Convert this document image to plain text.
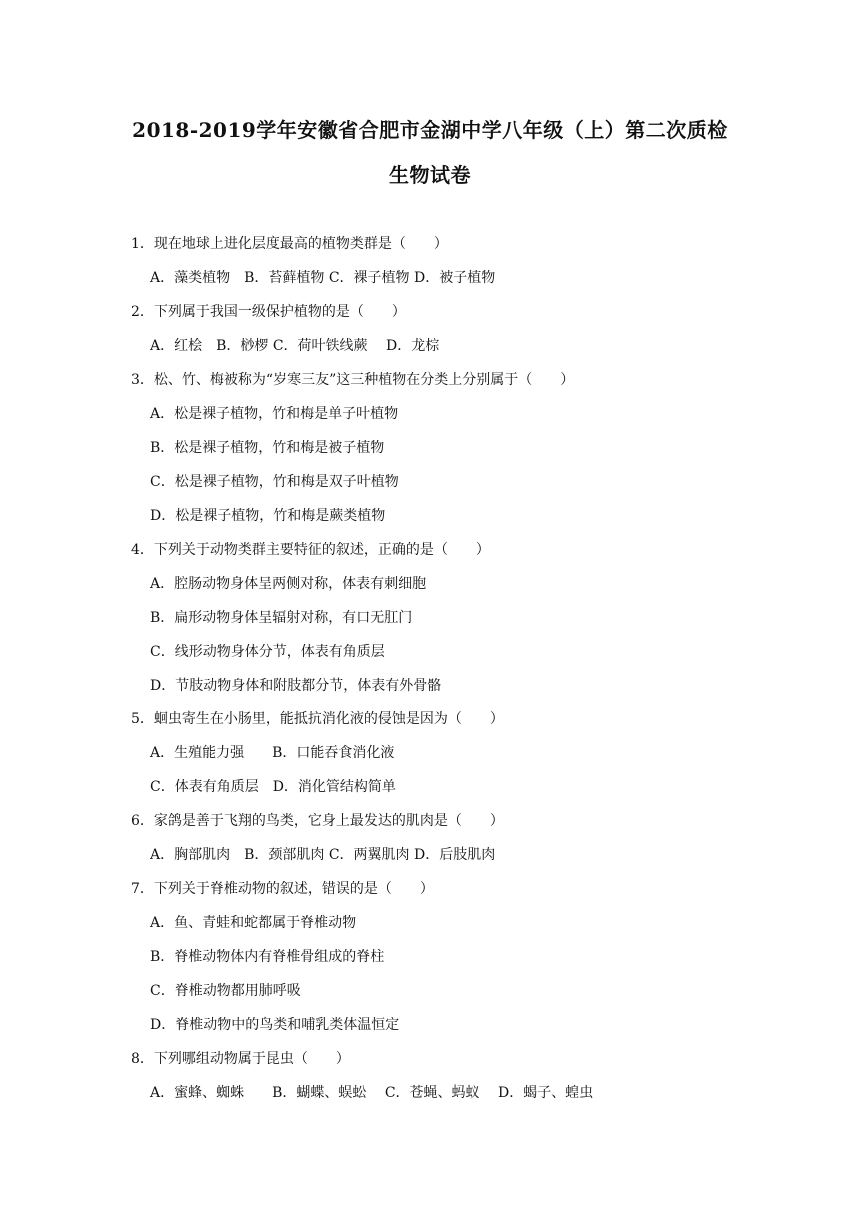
2018-2019学年安徽省合肥市金湖中学八年级（上）第二次质检
生物试卷
1．现在地球上进化层度最高的植物类群是（　　）
A．藻类植物　B．苔藓植物 C．裸子植物 D．被子植物
2．下列属于我国一级保护植物的是（　　）
A．红桧　B．桫椤 C．荷叶铁线蕨　 D．龙棕
3．松、竹、梅被称为“岁寒三友”这三种植物在分类上分别属于（　　）
A．松是裸子植物，竹和梅是单子叶植物
B．松是裸子植物，竹和梅是被子植物
C．松是裸子植物，竹和梅是双子叶植物
D．松是裸子植物，竹和梅是蕨类植物
4．下列关于动物类群主要特征的叙述，正确的是（　　）
A．腔肠动物身体呈两侧对称，体表有刺细胞
B．扁形动物身体呈辐射对称，有口无肛门
C．线形动物身体分节，体表有角质层
D．节肢动物身体和附肢都分节，体表有外骨骼
5．蛔虫寄生在小肠里，能抵抗消化液的侵蚀是因为（　　）
A．生殖能力强　　B．口能吞食消化液
C．体表有角质层　D．消化管结构简单
6．家鸽是善于飞翔的鸟类，它身上最发达的肌肉是（　　）
A．胸部肌肉　B．颈部肌肉 C．两翼肌肉 D．后肢肌肉
7．下列关于脊椎动物的叙述，错误的是（　　）
A．鱼、青蛙和蛇都属于脊椎动物
B．脊椎动物体内有脊椎骨组成的脊柱
C．脊椎动物都用肺呼吸
D．脊椎动物中的鸟类和哺乳类体温恒定
8．下列哪组动物属于昆虫（　　）
A．蜜蜂、蜘蛛　　B．蝴蝶、蜈蚣　 C．苍蝇、蚂蚁　 D．蝎子、蝗虫
